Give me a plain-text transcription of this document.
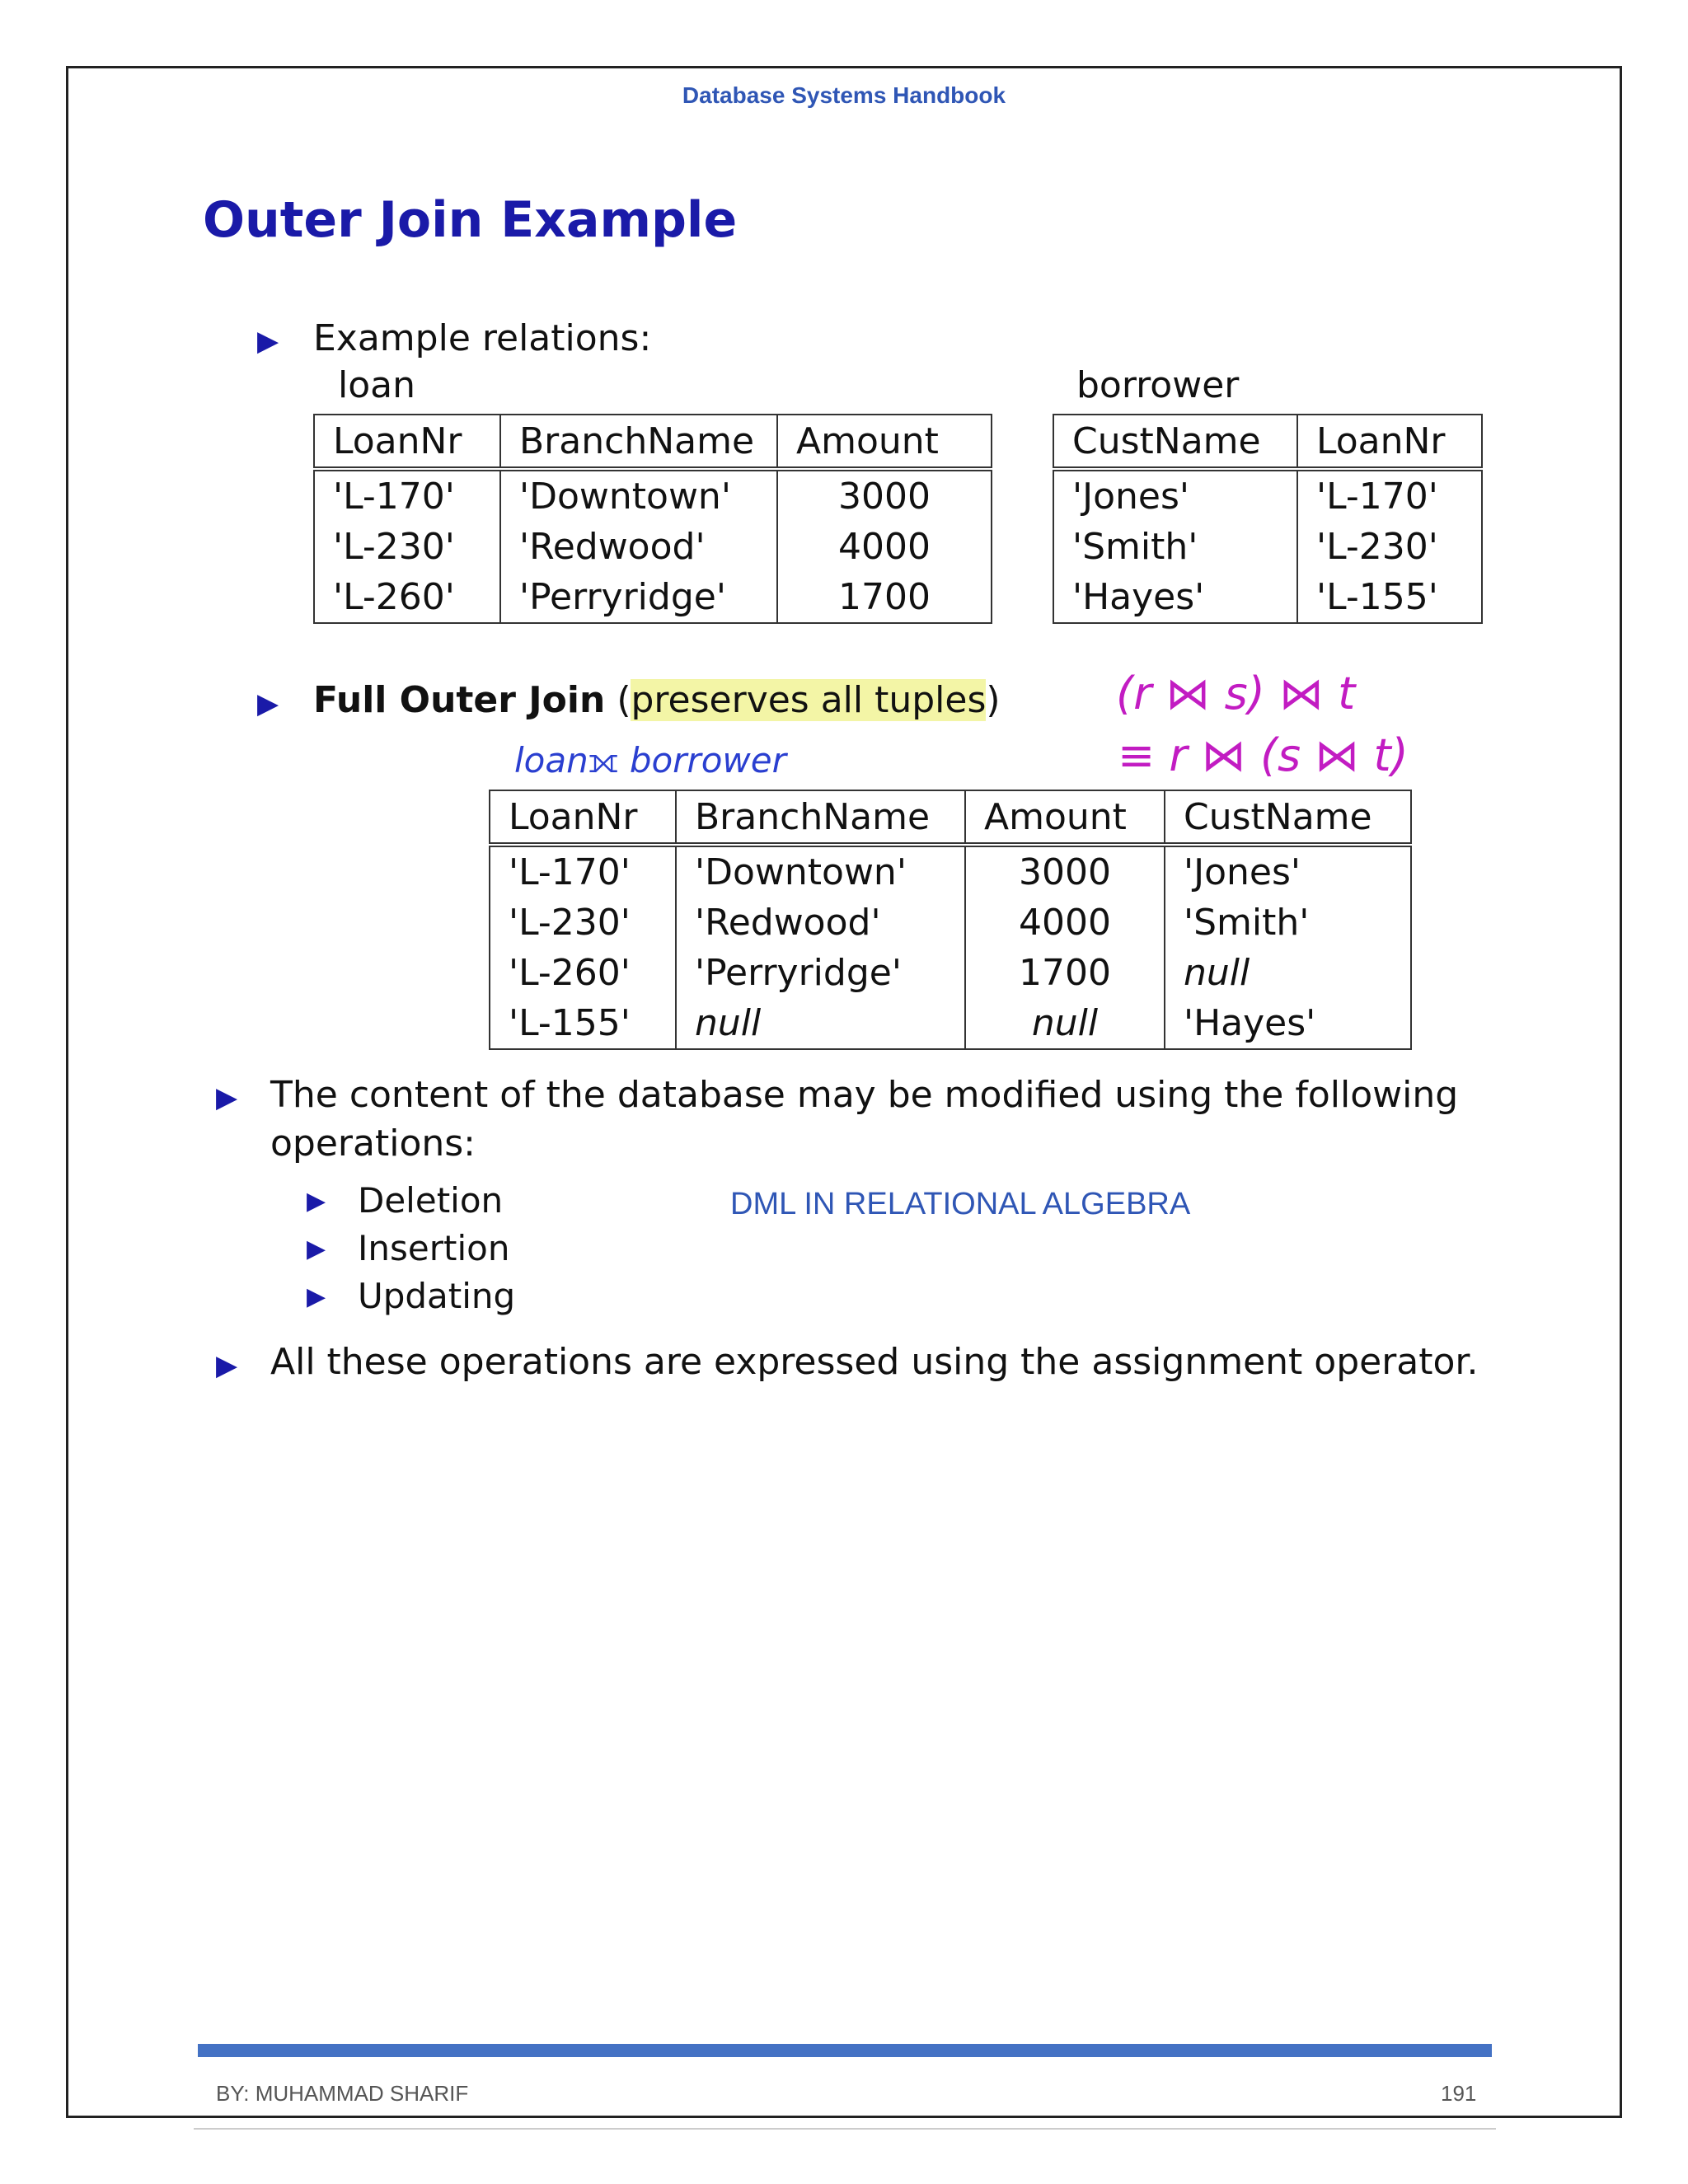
Database Systems Handbook
Outer Join Example
▶ Example relations:
loan	borrower
LoanNr	BranchName	Amount
'L-170'	'Downtown'	3000
'L-230'	'Redwood'	4000
'L-260'	'Perryridge'	1700
CustName	LoanNr
'Jones'	'L-170'
'Smith'	'L-230'
'Hayes'	'L-155'
▶ Full Outer Join (preserves all tuples)
loan⟗ borrower
(r ⋈ s) ⋈ t
≡ r ⋈ (s ⋈ t)
LoanNr	BranchName	Amount	CustName
'L-170'	'Downtown'	3000	'Jones'
'L-230'	'Redwood'	4000	'Smith'
'L-260'	'Perryridge'	1700	null
'L-155'	null	null	'Hayes'
▶ The content of the database may be modified using the following
operations:
▶ Deletion
▶ Insertion
▶ Updating
DML IN RELATIONAL ALGEBRA
▶ All these operations are expressed using the assignment operator.
BY: MUHAMMAD SHARIF	191
